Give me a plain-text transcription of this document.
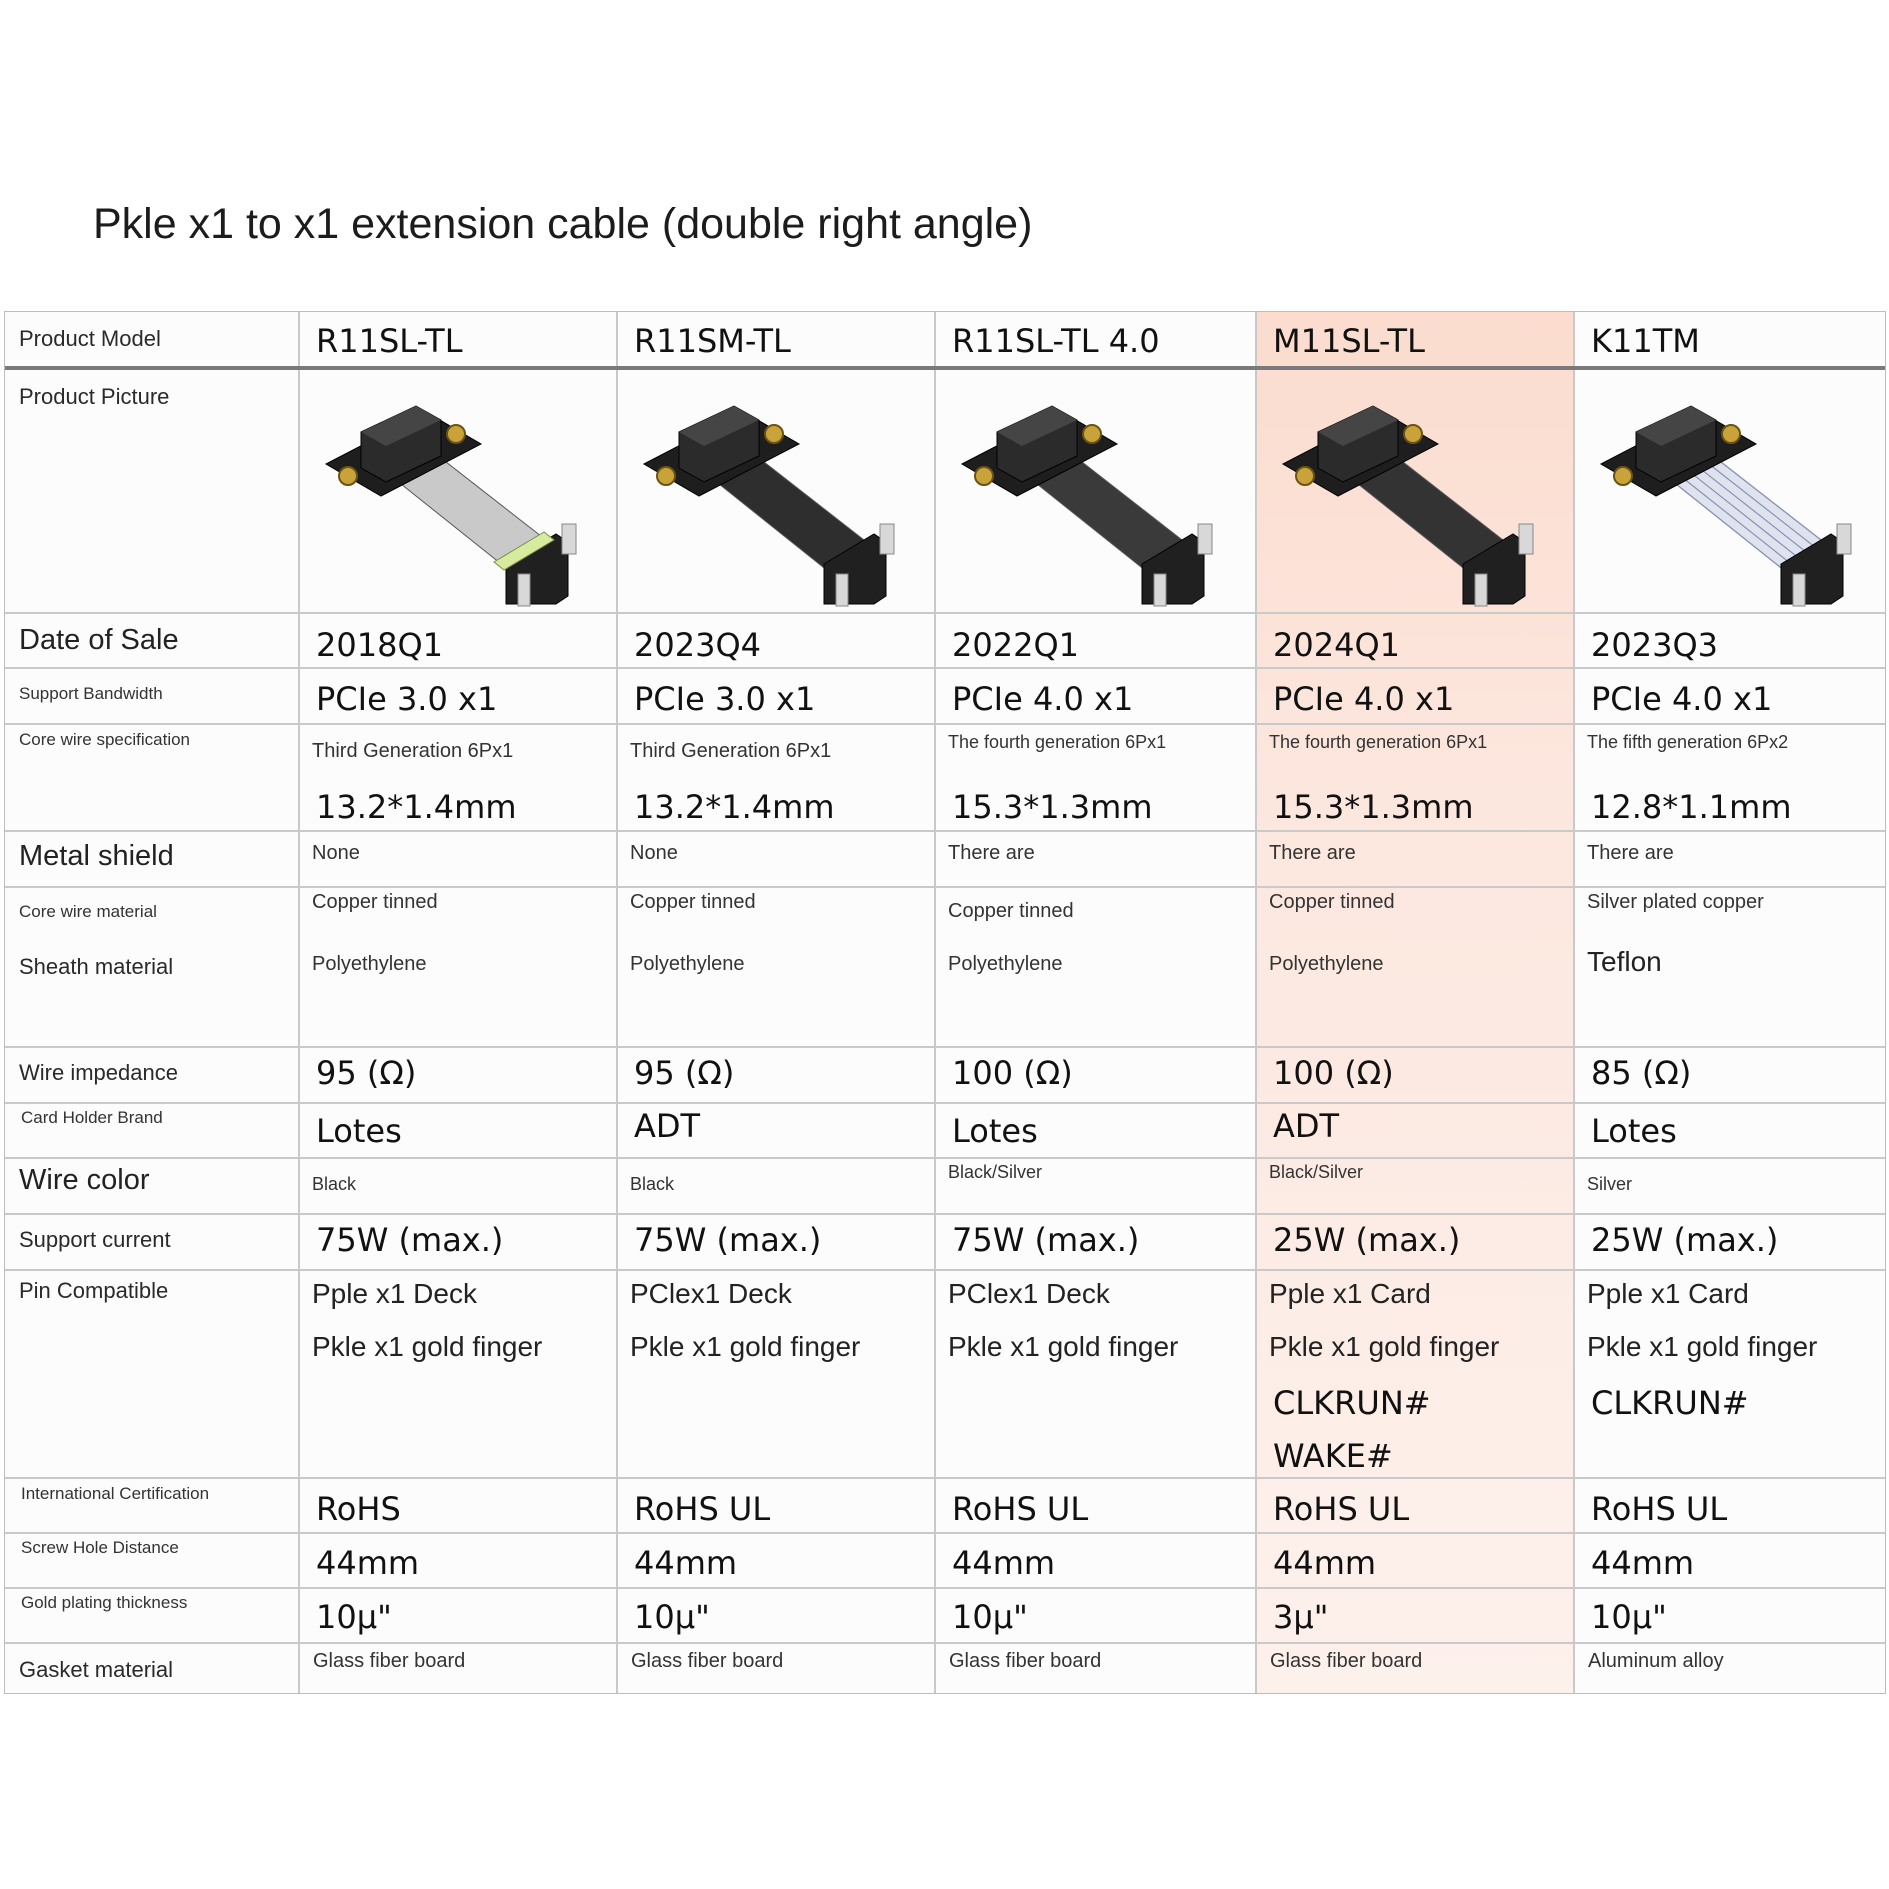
Pkle x1 to x1 extension cable (double right angle)
Product Model
Product Picture
Date of Sale
Support Bandwidth
Core wire specification
Metal shield
Core wire material
Sheath material
Wire impedance
Card Holder Brand
Wire color
Support current
Pin Compatible
International Certification
Screw Hole Distance
Gold plating thickness
Gasket material
R11SL-TL
2018Q1
PCIe 3.0 x1
Third Generation 6Px1
13.2*1.4mm
None
Copper tinned
Polyethylene
95 (Ω)
Lotes
Black
75W (max.)
Pple x1 Deck
Pkle x1 gold finger
RoHS
44mm
10μ"
Glass fiber board
R11SM-TL
2023Q4
PCIe 3.0 x1
Third Generation 6Px1
13.2*1.4mm
None
Copper tinned
Polyethylene
95 (Ω)
ADT
Black
75W (max.)
PClex1 Deck
Pkle x1 gold finger
RoHS UL
44mm
10μ"
Glass fiber board
R11SL-TL 4.0
2022Q1
PCIe 4.0 x1
The fourth generation 6Px1
15.3*1.3mm
There are
Copper tinned
Polyethylene
100 (Ω)
Lotes
Black/Silver
75W (max.)
PClex1 Deck
Pkle x1 gold finger
RoHS UL
44mm
10μ"
Glass fiber board
M11SL-TL
2024Q1
PCIe 4.0 x1
The fourth generation 6Px1
15.3*1.3mm
There are
Copper tinned
Polyethylene
100 (Ω)
ADT
Black/Silver
25W (max.)
Pple x1 Card
Pkle x1 gold finger
CLKRUN#
WAKE#
RoHS UL
44mm
3μ"
Glass fiber board
K11TM
2023Q3
PCIe 4.0 x1
The fifth generation 6Px2
12.8*1.1mm
There are
Silver plated copper
Teflon
85 (Ω)
Lotes
Silver
25W (max.)
Pple x1 Card
Pkle x1 gold finger
CLKRUN#
RoHS UL
44mm
10μ"
Aluminum alloy
